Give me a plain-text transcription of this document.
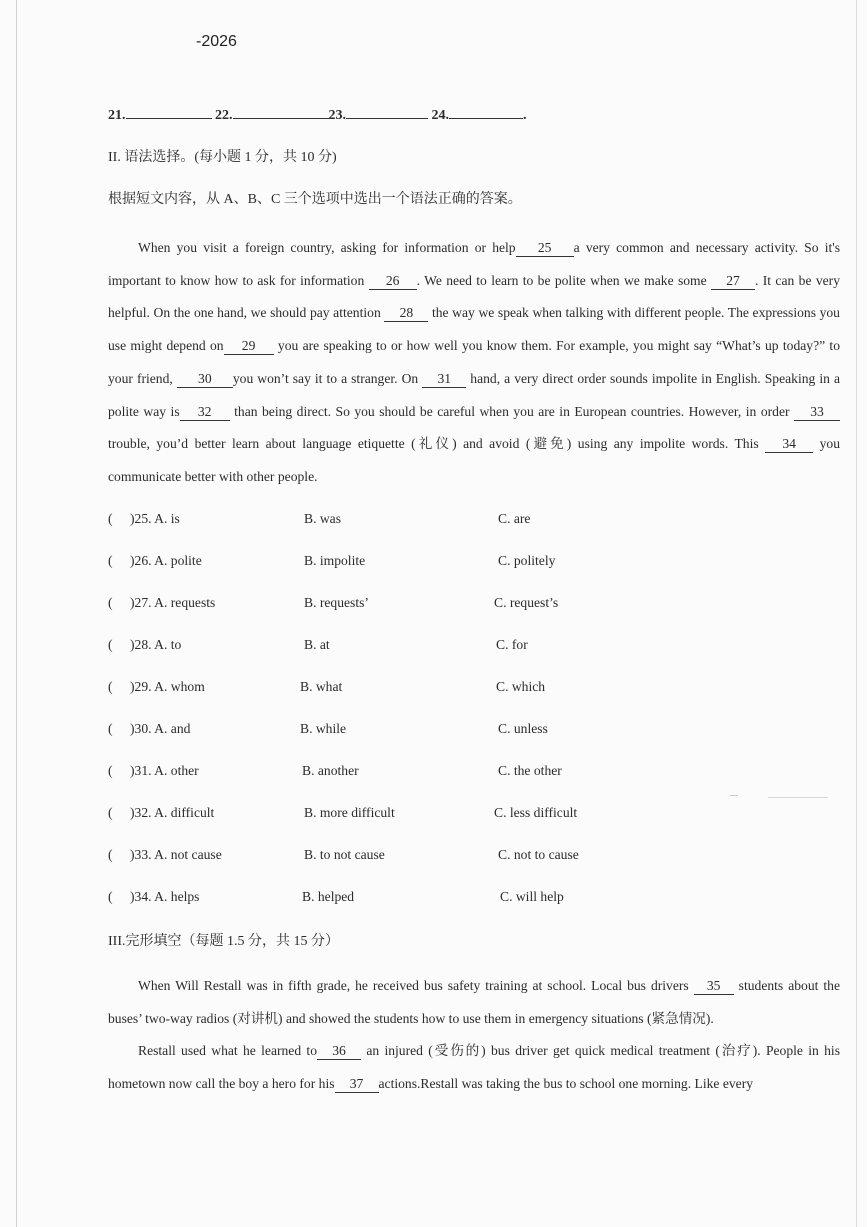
-2026
21.	22.	23.	24.	.
II. 语法选择。(每小题 1 分，共 10 分)
根据短文内容，从 A、B、C 三个选项中选出一个语法正确的答案。

When you visit a foreign country, asking for information or help 25 a very common and necessary activity. So it's important to know how to ask for information 26 . We need to learn to be polite when we make some 27 . It can be very helpful. On the one hand, we should pay attention 28 the way we speak when talking with different people. The expressions you use might depend on 29 you are speaking to or how well you know them. For example, you might say “What’s up today?” to your friend, 30 you won’t say it to a stranger. On 31 hand, a very direct order sounds impolite in English. Speaking in a polite way is 32 than being direct. So you should be careful when you are in European countries. However, in order 33 trouble, you’d better learn about language etiquette (礼仪) and avoid (避免) using any impolite words. This 34 you communicate better with other people.

( )25. A. is	B. was	C. are
( )26. A. polite	B. impolite	C. politely
( )27. A. requests	B. requests’	C. request’s
( )28. A. to	B. at	C. for
( )29. A. whom	B. what	C. which
( )30. A. and	B. while	C. unless
( )31. A. other	B. another	C. the other
( )32. A. difficult	B. more difficult	C. less difficult
( )33. A. not cause	B. to not cause	C. not to cause
( )34. A. helps	B. helped	C. will help
III.完形填空（每题 1.5 分，共 15 分）

When Will Restall was in fifth grade, he received bus safety training at school. Local bus drivers 35 students about the buses’ two-way radios (对讲机) and showed the students how to use them in emergency situations (紧急情况).

Restall used what he learned to 36 an injured (受伤的) bus driver get quick medical treatment (治疗). People in his hometown now call the boy a hero for his 37 actions.Restall was taking the bus to school one morning. Like every
